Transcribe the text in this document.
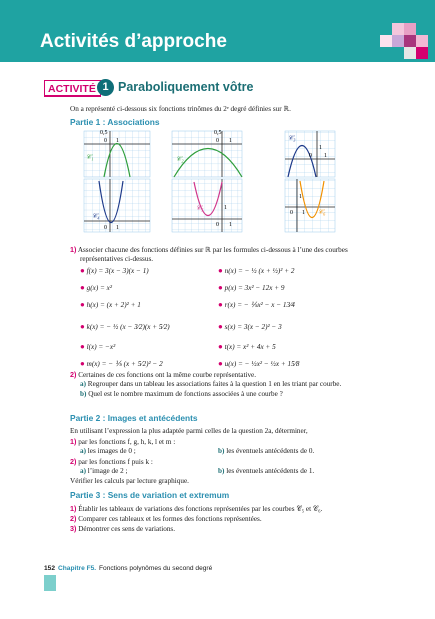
Activités d’approche
ACTIVITÉ 1 Paraboliquement vôtre
On a représenté ci-dessous six fonctions trinômes du 2ᵉ degré définies sur ℝ.
Partie 1 : Associations
0,5
0 1
𝒞₁
0 1
𝒞₄
0,5
0 1
𝒞₂
1
0 1
𝒞₅
1
0 1
𝒞₃
1
0 1 𝒞₆
1) Associer chacune des fonctions définies sur ℝ par les formules ci-dessous à l’une des courbes
représentatives ci-dessus.
● f(x) = 3(x − 3)(x − 1)
● g(x) = x²
● h(x) = (x + 2)² + 1
● k(x) = − ½ (x − 3⁄2)(x + 5⁄2)
● l(x) = −x²
● m(x) = − ⅕ (x + 5⁄2)² − 2
● n(x) = − ½ (x + ½)² + 2
● p(x) = 3x² − 12x + 9
● r(x) = − ⅕x² − x − 13⁄4
● s(x) = 3(x − 2)² − 3
● t(x) = x² + 4x + 5
● u(x) = − ½x² − ½x + 15⁄8
2) Certaines de ces fonctions ont la même courbe représentative.
a) Regrouper dans un tableau les associations faites à la question 1 en les triant par courbe.
b) Quel est le nombre maximum de fonctions associées à une courbe ?
Partie 2 : Images et antécédents
En utilisant l’expression la plus adaptée parmi celles de la question 2a, déterminer,
1) par les fonctions f, g, h, k, l et m :
a) les images de 0 ;	b) les éventuels antécédents de 0.
2) par les fonctions f puis k :
a) l’image de 2 ;	b) les éventuels antécédents de 1.
Vérifier les calculs par lecture graphique.
Partie 3 : Sens de variation et extremum
1) Établir les tableaux de variations des fonctions représentées par les courbes 𝒞₅ et 𝒞₆.
2) Comparer ces tableaux et les formes des fonctions représentées.
3) Démontrer ces sens de variations.
152 Chapitre F5. Fonctions polynômes du second degré
